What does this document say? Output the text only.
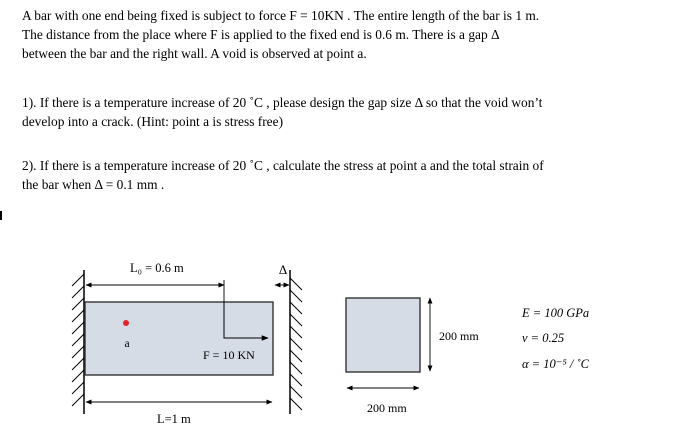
A bar with one end being fixed is subject to force F = 10KN . The entire length of the bar is 1 m.
The distance from the place where F is applied to the fixed end is 0.6 m. There is a gap Δ
between the bar and the right wall. A void is observed at point a.
1). If there is a temperature increase of 20 ˚C , please design the gap size Δ so that the void won’t
develop into a crack. (Hint: point a is stress free)
2). If there is a temperature increase of 20 ˚C , calculate the stress at point a and the total strain of
the bar when Δ = 0.1 mm .
L₀ = 0.6 m	Δ
a
F = 10 KN
L=1 m
200 mm
200 mm
E = 100 GPa
ν = 0.25
α = 10⁻⁵ / ˚C
